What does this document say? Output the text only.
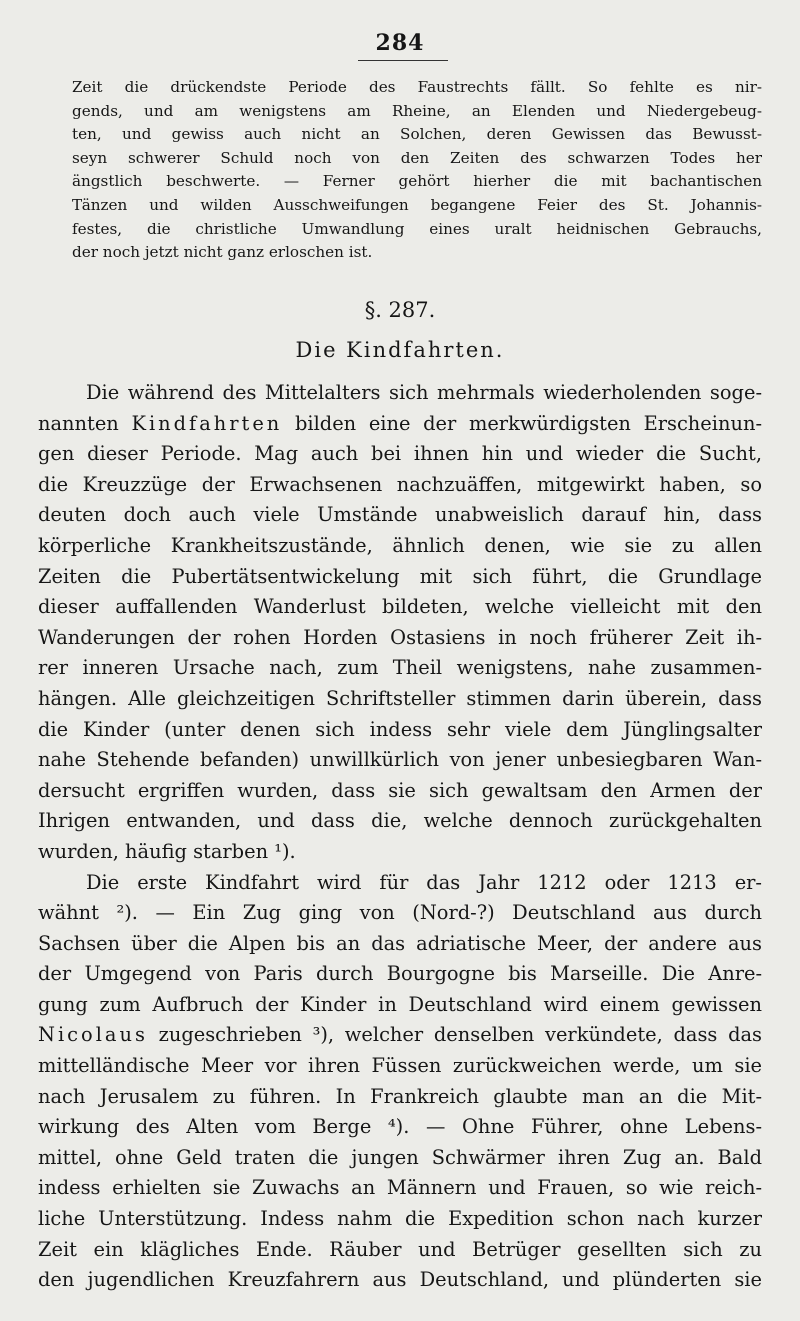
284
Zeit die drückendste Periode des Faustrechts fällt. So fehlte es nir-
gends, und am wenigstens am Rheine, an Elenden und Niedergebeug-
ten, und gewiss auch nicht an Solchen, deren Gewissen das Bewusst-
seyn schwerer Schuld noch von den Zeiten des schwarzen Todes her
ängstlich beschwerte. — Ferner gehört hierher die mit bachantischen
Tänzen und wilden Ausschweifungen begangene Feier des St. Johannis-
festes, die christliche Umwandlung eines uralt heidnischen Gebrauchs,
der noch jetzt nicht ganz erloschen ist.
§. 287.
Die Kindfahrten.
Die während des Mittelalters sich mehrmals wiederholenden soge-
nannten Kindfahrten bilden eine der merkwürdigsten Erscheinun-
gen dieser Periode. Mag auch bei ihnen hin und wieder die Sucht,
die Kreuzzüge der Erwachsenen nachzuäffen, mitgewirkt haben, so
deuten doch auch viele Umstände unabweislich darauf hin, dass
körperliche Krankheitszustände, ähnlich denen, wie sie zu allen
Zeiten die Pubertätsentwickelung mit sich führt, die Grundlage
dieser auffallenden Wanderlust bildeten, welche vielleicht mit den
Wanderungen der rohen Horden Ostasiens in noch früherer Zeit ih-
rer inneren Ursache nach, zum Theil wenigstens, nahe zusammen-
hängen. Alle gleichzeitigen Schriftsteller stimmen darin überein, dass
die Kinder (unter denen sich indess sehr viele dem Jünglingsalter
nahe Stehende befanden) unwillkürlich von jener unbesiegbaren Wan-
dersucht ergriffen wurden, dass sie sich gewaltsam den Armen der
Ihrigen entwanden, und dass die, welche dennoch zurückgehalten
wurden, häufig starben ¹).
Die erste Kindfahrt wird für das Jahr 1212 oder 1213 er-
wähnt ²). — Ein Zug ging von (Nord-?) Deutschland aus durch
Sachsen über die Alpen bis an das adriatische Meer, der andere aus
der Umgegend von Paris durch Bourgogne bis Marseille. Die Anre-
gung zum Aufbruch der Kinder in Deutschland wird einem gewissen
Nicolaus zugeschrieben ³), welcher denselben verkündete, dass das
mittelländische Meer vor ihren Füssen zurückweichen werde, um sie
nach Jerusalem zu führen. In Frankreich glaubte man an die Mit-
wirkung des Alten vom Berge ⁴). — Ohne Führer, ohne Lebens-
mittel, ohne Geld traten die jungen Schwärmer ihren Zug an. Bald
indess erhielten sie Zuwachs an Männern und Frauen, so wie reich-
liche Unterstützung. Indess nahm die Expedition schon nach kurzer
Zeit ein klägliches Ende. Räuber und Betrüger gesellten sich zu
den jugendlichen Kreuzfahrern aus Deutschland, und plünderten sie
